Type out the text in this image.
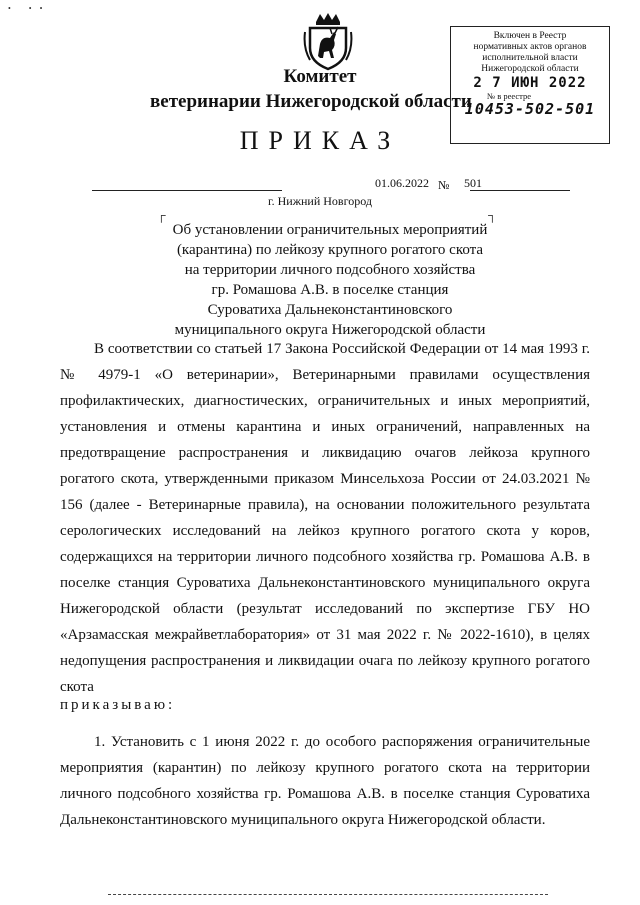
• ••
Комитет
ветеринарии Нижегородской области
ПРИКАЗ
Включен в Реестр
нормативных актов органов
исполнительной власти
Нижегородской области
2 7 ИЮН 2022
№ в реестре
10453-502-501
01.06.2022 № 501
г. Нижний Новгород
┌	┐
Об установлении ограничительных мероприятий
(карантина) по лейкозу крупного рогатого скота
на территории личного подсобного хозяйства
гр. Ромашова А.В. в поселке станция
Суроватиха Дальнеконстантиновского
муниципального округа Нижегородской области

В соответствии со статьей 17 Закона Российской Федерации от 14 мая 1993 г. № 4979-1 «О ветеринарии», Ветеринарными правилами осуществления профилактических, диагностических, ограничительных и иных мероприятий, установления и отмены карантина и иных ограничений, направленных на предотвращение распространения и ликвидацию очагов лейкоза крупного рогатого скота, утвержденными приказом Минсельхоза России от 24.03.2021 № 156 (далее - Ветеринарные правила), на основании положительного результата серологических исследований на лейкоз крупного рогатого скота у коров, содержащихся на территории личного подсобного хозяйства гр. Ромашова А.В. в поселке станция Суроватиха Дальнеконстантиновского муниципального округа Нижегородской области (результат исследований по экспертизе ГБУ НО «Арзамасская межрайветлаборатория» от 31 мая 2022 г. № 2022-1610), в целях недопущения распространения и ликвидации очага по лейкозу крупного рогатого скота

приказываю:

1. Установить с 1 июня 2022 г. до особого распоряжения ограничительные мероприятия (карантин) по лейкозу крупного рогатого скота на территории личного подсобного хозяйства гр. Ромашова А.В. в поселке станция Суроватиха Дальнеконстантиновского муниципального округа Нижегородской области.
